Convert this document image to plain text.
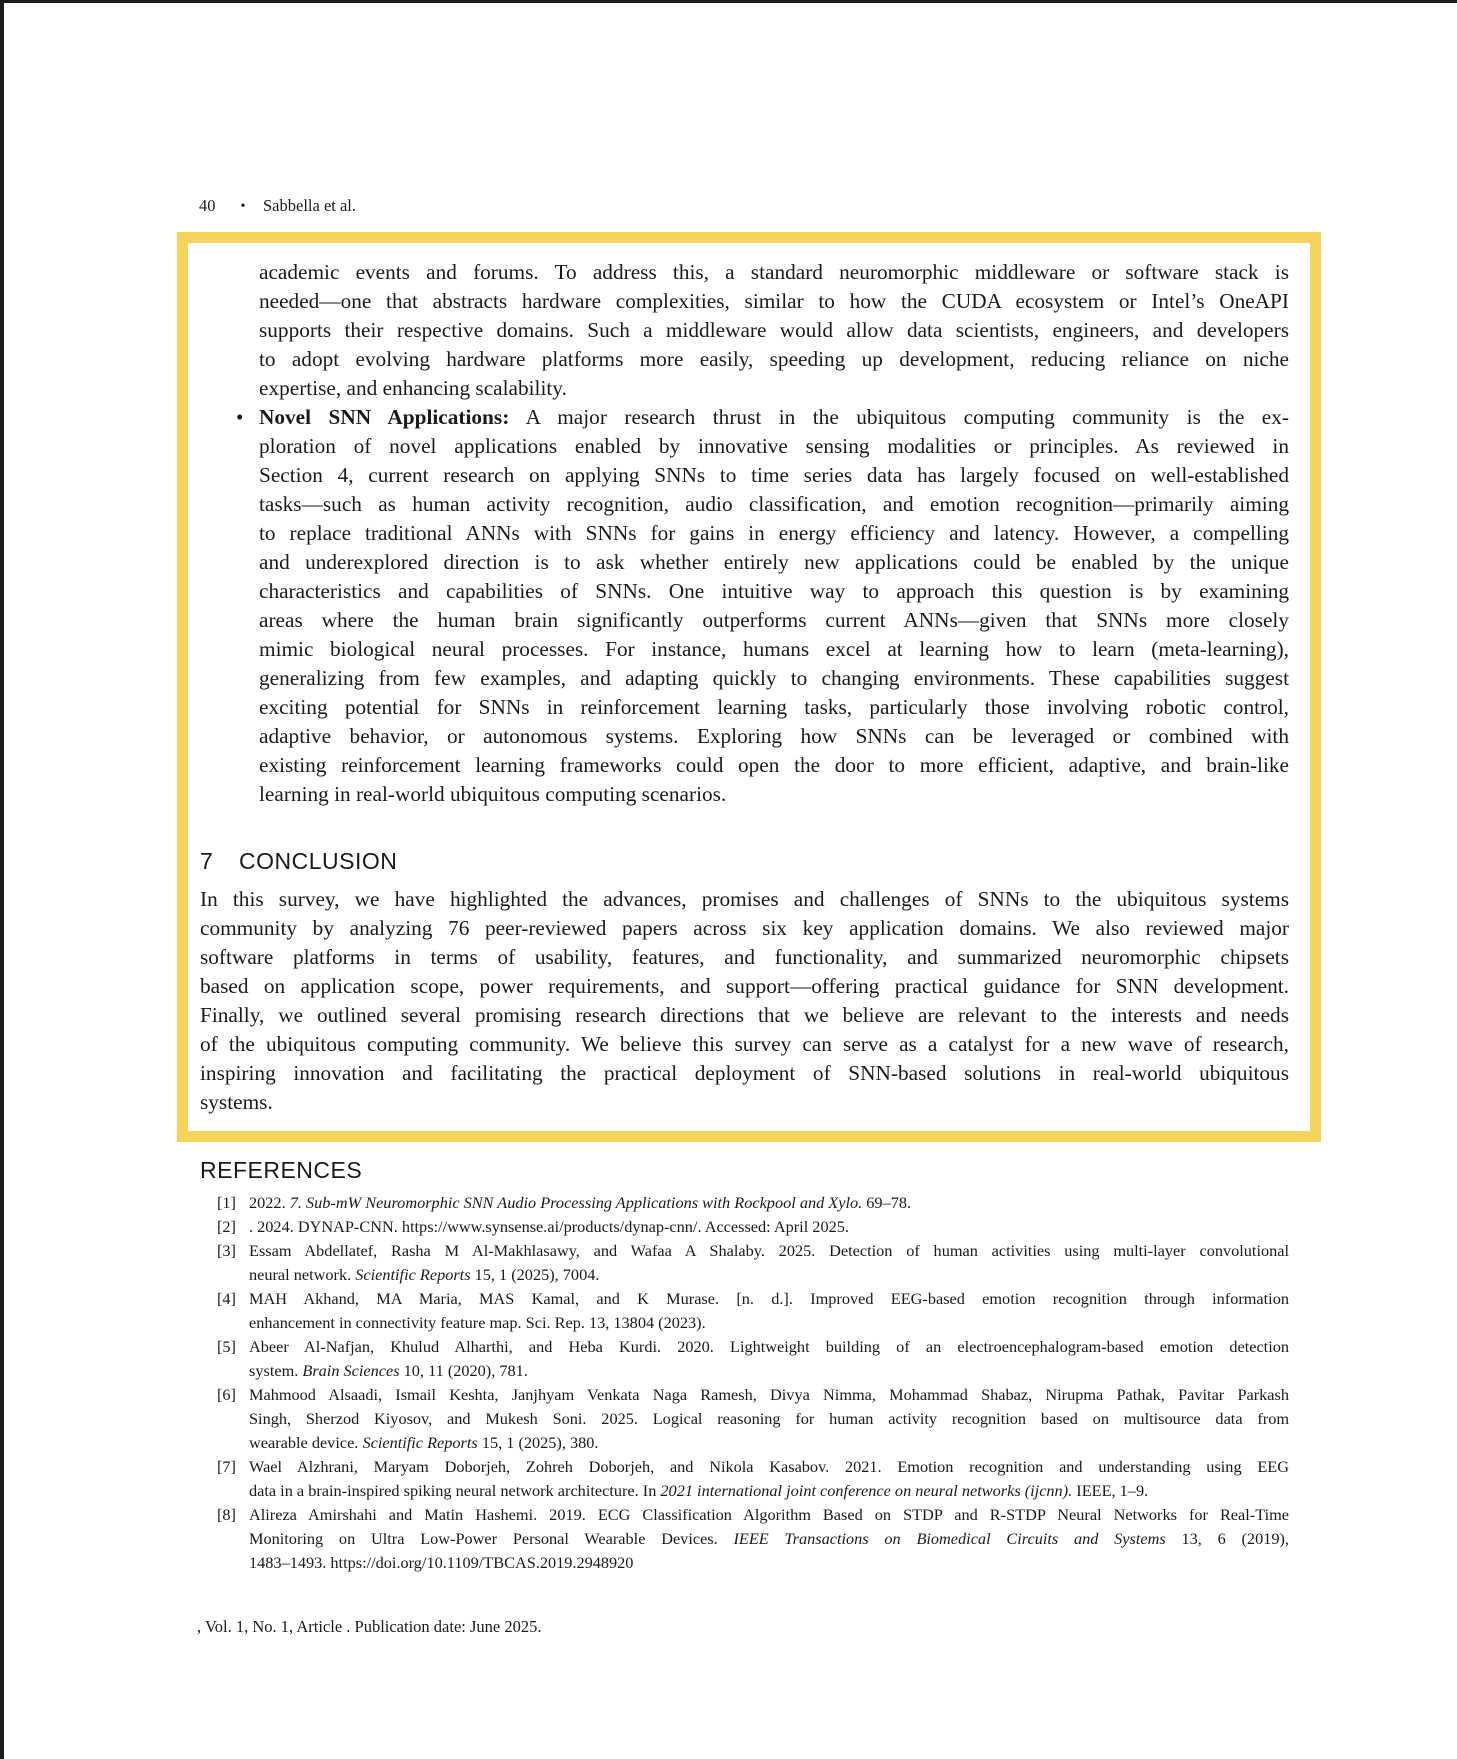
40 • Sabbella et al.
academic events and forums. To address this, a standard neuromorphic middleware or software stack is
needed—one that abstracts hardware complexities, similar to how the CUDA ecosystem or Intel’s OneAPI
supports their respective domains. Such a middleware would allow data scientists, engineers, and developers
to adopt evolving hardware platforms more easily, speeding up development, reducing reliance on niche
expertise, and enhancing scalability.
• Novel SNN Applications: A major research thrust in the ubiquitous computing community is the ex-
ploration of novel applications enabled by innovative sensing modalities or principles. As reviewed in
Section 4, current research on applying SNNs to time series data has largely focused on well-established
tasks—such as human activity recognition, audio classification, and emotion recognition—primarily aiming
to replace traditional ANNs with SNNs for gains in energy efficiency and latency. However, a compelling
and underexplored direction is to ask whether entirely new applications could be enabled by the unique
characteristics and capabilities of SNNs. One intuitive way to approach this question is by examining
areas where the human brain significantly outperforms current ANNs—given that SNNs more closely
mimic biological neural processes. For instance, humans excel at learning how to learn (meta-learning),
generalizing from few examples, and adapting quickly to changing environments. These capabilities suggest
exciting potential for SNNs in reinforcement learning tasks, particularly those involving robotic control,
adaptive behavior, or autonomous systems. Exploring how SNNs can be leveraged or combined with
existing reinforcement learning frameworks could open the door to more efficient, adaptive, and brain-like
learning in real-world ubiquitous computing scenarios.
7 CONCLUSION
In this survey, we have highlighted the advances, promises and challenges of SNNs to the ubiquitous systems
community by analyzing 76 peer-reviewed papers across six key application domains. We also reviewed major
software platforms in terms of usability, features, and functionality, and summarized neuromorphic chipsets
based on application scope, power requirements, and support—offering practical guidance for SNN development.
Finally, we outlined several promising research directions that we believe are relevant to the interests and needs
of the ubiquitous computing community. We believe this survey can serve as a catalyst for a new wave of research,
inspiring innovation and facilitating the practical deployment of SNN-based solutions in real-world ubiquitous
systems.
REFERENCES
[1] 2022. 7. Sub-mW Neuromorphic SNN Audio Processing Applications with Rockpool and Xylo. 69–78.
[2] . 2024. DYNAP-CNN. https://www.synsense.ai/products/dynap-cnn/. Accessed: April 2025.
[3] Essam Abdellatef, Rasha M Al-Makhlasawy, and Wafaa A Shalaby. 2025. Detection of human activities using multi-layer convolutional
neural network. Scientific Reports 15, 1 (2025), 7004.
[4] MAH Akhand, MA Maria, MAS Kamal, and K Murase. [n. d.]. Improved EEG-based emotion recognition through information
enhancement in connectivity feature map. Sci. Rep. 13, 13804 (2023).
[5] Abeer Al-Nafjan, Khulud Alharthi, and Heba Kurdi. 2020. Lightweight building of an electroencephalogram-based emotion detection
system. Brain Sciences 10, 11 (2020), 781.
[6] Mahmood Alsaadi, Ismail Keshta, Janjhyam Venkata Naga Ramesh, Divya Nimma, Mohammad Shabaz, Nirupma Pathak, Pavitar Parkash
Singh, Sherzod Kiyosov, and Mukesh Soni. 2025. Logical reasoning for human activity recognition based on multisource data from
wearable device. Scientific Reports 15, 1 (2025), 380.
[7] Wael Alzhrani, Maryam Doborjeh, Zohreh Doborjeh, and Nikola Kasabov. 2021. Emotion recognition and understanding using EEG
data in a brain-inspired spiking neural network architecture. In 2021 international joint conference on neural networks (ijcnn). IEEE, 1–9.
[8] Alireza Amirshahi and Matin Hashemi. 2019. ECG Classification Algorithm Based on STDP and R-STDP Neural Networks for Real-Time
Monitoring on Ultra Low-Power Personal Wearable Devices. IEEE Transactions on Biomedical Circuits and Systems 13, 6 (2019),
1483–1493. https://doi.org/10.1109/TBCAS.2019.2948920
, Vol. 1, No. 1, Article . Publication date: June 2025.
